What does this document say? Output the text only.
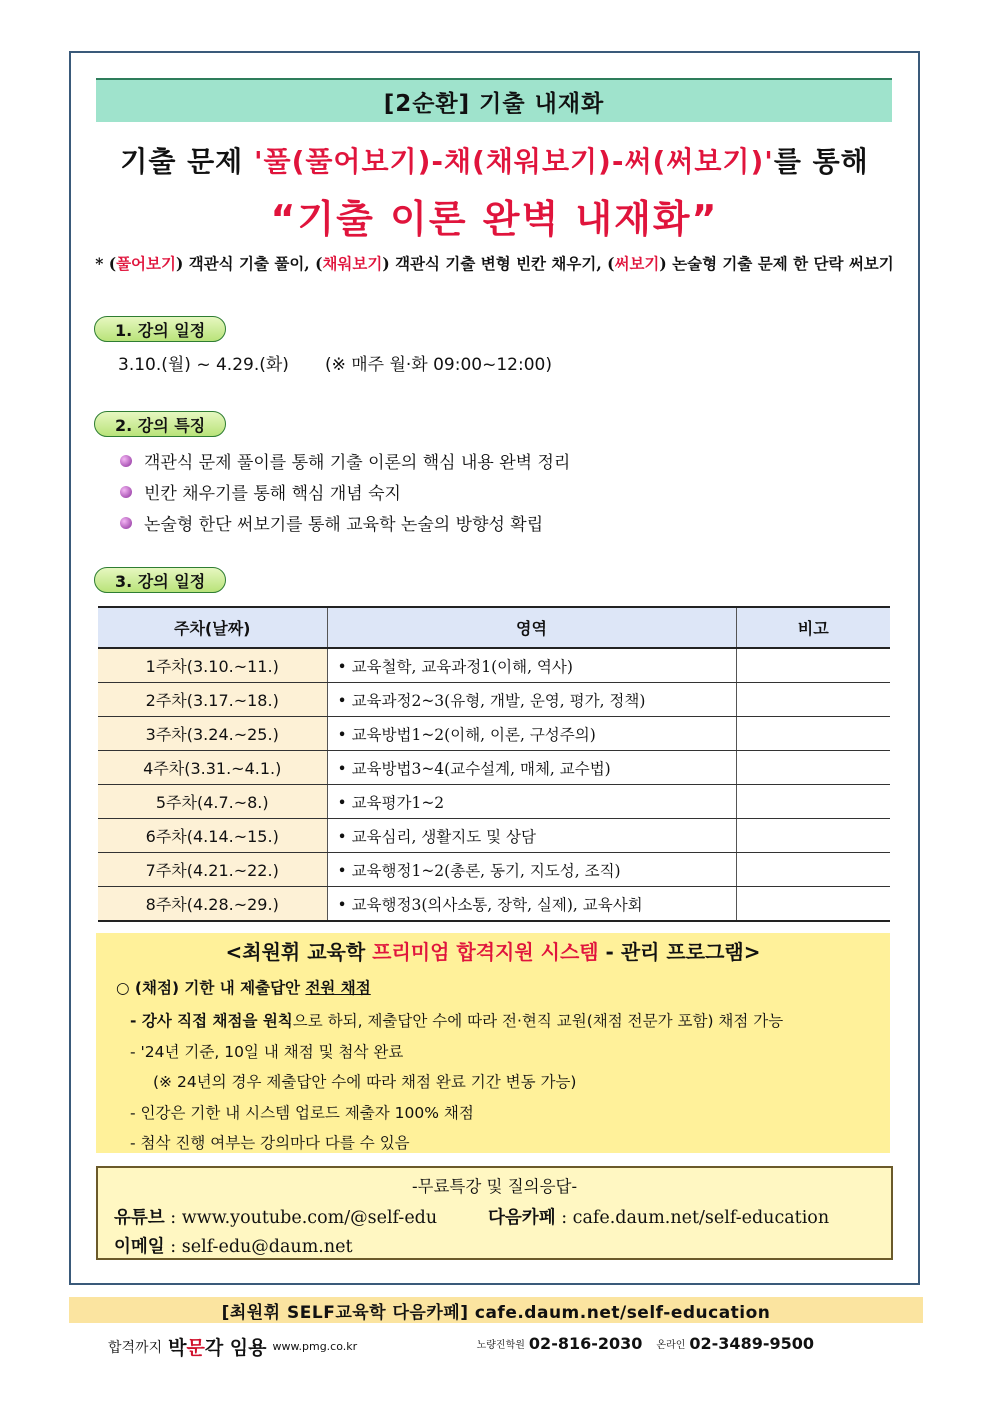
[2순환] 기출 내재화
기출 문제 '풀(풀어보기)-채(채워보기)-써(써보기)'를 통해
“기출 이론 완벽 내재화”
* (풀어보기) 객관식 기출 풀이, (채워보기) 객관식 기출 변형 빈칸 채우기, (써보기) 논술형 기출 문제 한 단락 써보기
1. 강의 일정
3.10.(월) ~ 4.29.(화) (※ 매주 월·화 09:00~12:00)
2. 강의 특징
객관식 문제 풀이를 통해 기출 이론의 핵심 내용 완벽 정리
빈칸 채우기를 통해 핵심 개념 숙지
논술형 한단 써보기를 통해 교육학 논술의 방향성 확립
3. 강의 일정
주차(날짜)	영역	비고
1주차(3.10.~11.)	• 교육철학, 교육과정1(이해, 역사)	
2주차(3.17.~18.)	• 교육과정2~3(유형, 개발, 운영, 평가, 정책)	
3주차(3.24.~25.)	• 교육방법1~2(이해, 이론, 구성주의)	
4주차(3.31.~4.1.)	• 교육방법3~4(교수설계, 매체, 교수법)	
5주차(4.7.~8.)	• 교육평가1~2	
6주차(4.14.~15.)	• 교육심리, 생활지도 및 상담	
7주차(4.21.~22.)	• 교육행정1~2(총론, 동기, 지도성, 조직)	
8주차(4.28.~29.)	• 교육행정3(의사소통, 장학, 실제), 교육사회	
<최원휘 교육학 프리미엄 합격지원 시스템 - 관리 프로그램>
○ (채점) 기한 내 제출답안 전원 채점
- 강사 직접 채점을 원칙으로 하되, 제출답안 수에 따라 전·현직 교원(채점 전문가 포함) 채점 가능
- '24년 기준, 10일 내 채점 및 첨삭 완료
(※ 24년의 경우 제출답안 수에 따라 채점 완료 기간 변동 가능)
- 인강은 기한 내 시스템 업로드 제출자 100% 채점
- 첨삭 진행 여부는 강의마다 다를 수 있음
-무료특강 및 질의응답-
유튜브 : www.youtube.com/@self-edu	다음카페 : cafe.daum.net/self-education
이메일 : self-edu@daum.net
[최원휘 SELF교육학 다음카페] cafe.daum.net/self-education
합격까지 박문각 임용 www.pmg.co.kr	노량진학원 02-816-2030 온라인 02-3489-9500
